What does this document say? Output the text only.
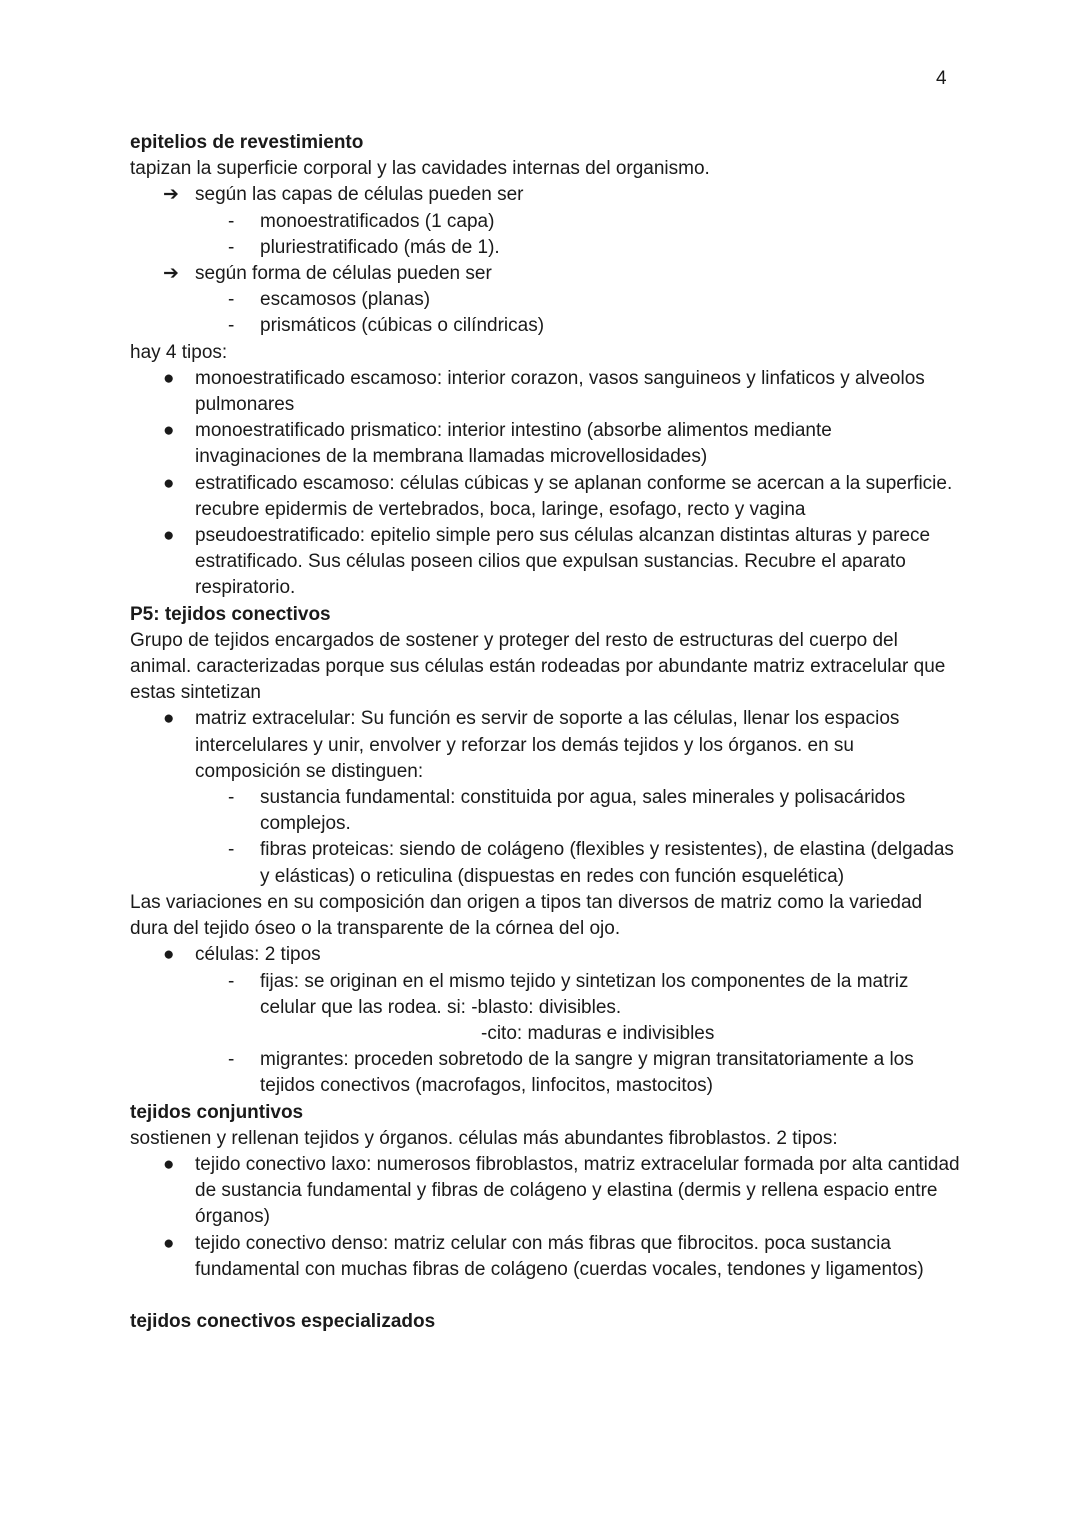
4
epitelios de revestimiento
tapizan la superficie corporal y las cavidades internas del organismo.
➔ según las capas de células pueden ser
- monoestratificados (1 capa)
- pluriestratificado (más de 1).
➔ según forma de células pueden ser
- escamosos (planas)
- prismáticos (cúbicas o cilíndricas)
hay 4 tipos:
● monoestratificado escamoso: interior corazon, vasos sanguineos y linfaticos y alveolos pulmonares
● monoestratificado prismatico: interior intestino (absorbe alimentos mediante invaginaciones de la membrana llamadas microvellosidades)
● estratificado escamoso: células cúbicas y se aplanan conforme se acercan a la superficie. recubre epidermis de vertebrados, boca, laringe, esofago, recto y vagina
● pseudoestratificado: epitelio simple pero sus células alcanzan distintas alturas y parece estratificado. Sus células poseen cilios que expulsan sustancias. Recubre el aparato respiratorio.
P5: tejidos conectivos
Grupo de tejidos encargados de sostener y proteger del resto de estructuras del cuerpo del animal. caracterizadas porque sus células están rodeadas por abundante matriz extracelular que estas sintetizan
● matriz extracelular: Su función es servir de soporte a las células, llenar los espacios intercelulares y unir, envolver y reforzar los demás tejidos y los órganos. en su composición se distinguen:
- sustancia fundamental: constituida por agua, sales minerales y polisacáridos complejos.
- fibras proteicas: siendo de colágeno (flexibles y resistentes), de elastina (delgadas y elásticas) o reticulina (dispuestas en redes con función esquelética)
Las variaciones en su composición dan origen a tipos tan diversos de matriz como la variedad dura del tejido óseo o la transparente de la córnea del ojo.
● células: 2 tipos
- fijas: se originan en el mismo tejido y sintetizan los componentes de la matriz celular que las rodea. si: -blasto: divisibles.
-cito: maduras e indivisibles
- migrantes: proceden sobretodo de la sangre y migran transitatoriamente a los tejidos conectivos (macrofagos, linfocitos, mastocitos)
tejidos conjuntivos
sostienen y rellenan tejidos y órganos. células más abundantes fibroblastos. 2 tipos:
● tejido conectivo laxo: numerosos fibroblastos, matriz extracelular formada por alta cantidad de sustancia fundamental y fibras de colágeno y elastina (dermis y rellena espacio entre órganos)
● tejido conectivo denso: matriz celular con más fibras que fibrocitos. poca sustancia fundamental con muchas fibras de colágeno (cuerdas vocales, tendones y ligamentos)
tejidos conectivos especializados
